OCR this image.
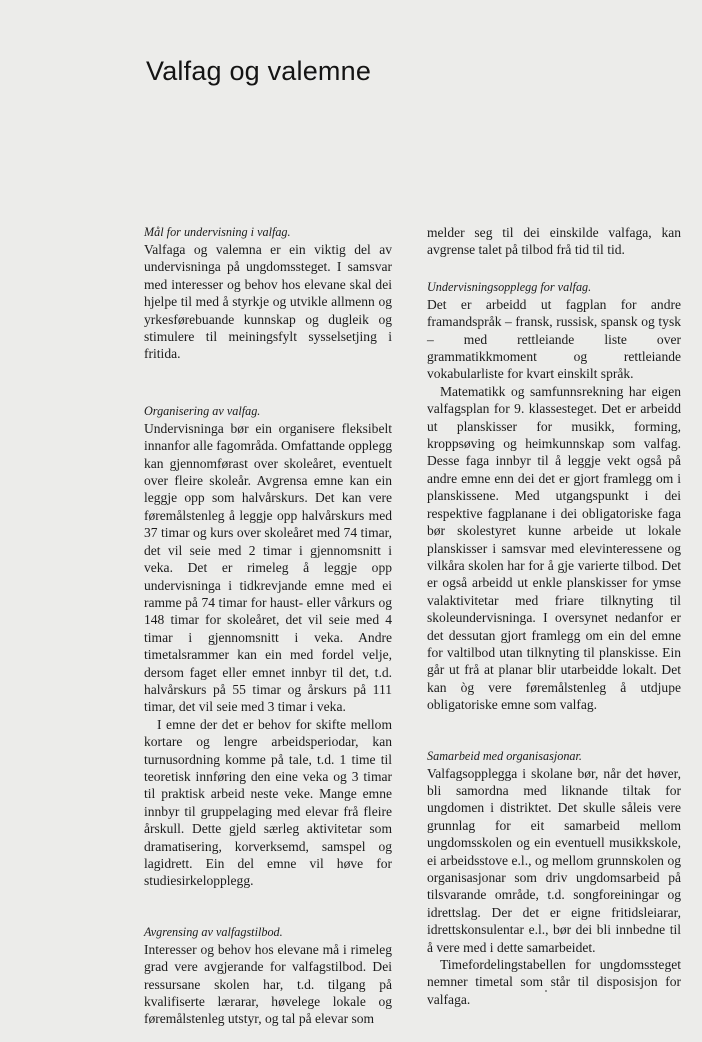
Valfag og valemne
Mål for undervisning i valfag.

Valfaga og valemna er ein viktig del av undervisninga på ungdomssteget. I samsvar med interesser og behov hos elevane skal dei hjelpe til med å styrkje og utvikle allmenn og yrkesførebuande kunnskap og dugleik og stimulere til meiningsfylt sysselsetjing i fritida.

Organisering av valfag.

Undervisninga bør ein organisere fleksibelt innanfor alle fagområda. Omfattande opplegg kan gjennomførast over skoleåret, eventuelt over fleire skoleår. Avgrensa emne kan ein leggje opp som halvårskurs. Det kan vere føremålstenleg å leggje opp halvårskurs med 37 timar og kurs over skoleåret med 74 timar, det vil seie med 2 timar i gjennomsnitt i veka. Det er rimeleg å leggje opp undervisninga i tidkrevjande emne med ei ramme på 74 timar for haust- eller vårkurs og 148 timar for skoleåret, det vil seie med 4 timar i gjennomsnitt i veka. Andre timetalsrammer kan ein med fordel velje, dersom faget eller emnet innbyr til det, t.d. halvårskurs på 55 timar og årskurs på 111 timar, det vil seie med 3 timar i veka.

I emne der det er behov for skifte mellom kortare og lengre arbeidsperiodar, kan turnusordning komme på tale, t.d. 1 time til teoretisk innføring den eine veka og 3 timar til praktisk arbeid neste veke. Mange emne innbyr til gruppelaging med elevar frå fleire årskull. Dette gjeld særleg aktivitetar som dramatisering, korverksemd, samspel og lagidrett. Ein del emne vil høve for studiesirkelopplegg.

Avgrensing av valfagstilbod.

Interesser og behov hos elevane må i rimeleg grad vere avgjerande for valfagstilbod. Dei ressursane skolen har, t.d. tilgang på kvalifiserte lærarar, høvelege lokale og føremålstenleg utstyr, og tal på elevar som

melder seg til dei einskilde valfaga, kan avgrense talet på tilbod frå tid til tid.

Undervisningsopplegg for valfag.

Det er arbeidd ut fagplan for andre framandspråk – fransk, russisk, spansk og tysk – med rettleiande liste over grammatikkmoment og rettleiande vokabularliste for kvart einskilt språk.

Matematikk og samfunnsrekning har eigen valfagsplan for 9. klassesteget. Det er arbeidd ut planskisser for musikk, forming, kroppsøving og heimkunnskap som valfag. Desse faga innbyr til å leggje vekt også på andre emne enn dei det er gjort framlegg om i planskissene. Med utgangspunkt i dei respektive fagplanane i dei obligatoriske faga bør skolestyret kunne arbeide ut lokale planskisser i samsvar med elevinteressene og vilkåra skolen har for å gje varierte tilbod. Det er også arbeidd ut enkle planskisser for ymse valaktivitetar med friare tilknyting til skoleundervisninga. I oversynet nedanfor er det dessutan gjort framlegg om ein del emne for valtilbod utan tilknyting til planskisse. Ein går ut frå at planar blir utarbeidde lokalt. Det kan òg vere føremålstenleg å utdjupe obligatoriske emne som valfag.

Samarbeid med organisasjonar.

Valfagsopplegga i skolane bør, når det høver, bli samordna med liknande tiltak for ungdomen i distriktet. Det skulle såleis vere grunnlag for eit samarbeid mellom ungdomsskolen og ein eventuell musikkskole, ei arbeidsstove e.l., og mellom grunnskolen og organisasjonar som driv ungdomsarbeid på tilsvarande område, t.d. songforeiningar og idrettslag. Der det er eigne fritidsleiarar, idrettskonsulentar e.l., bør dei bli innbedne til å vere med i dette samarbeidet.

Timefordelingstabellen for ungdomssteget nemner timetal som står til disposisjon for valfaga.
